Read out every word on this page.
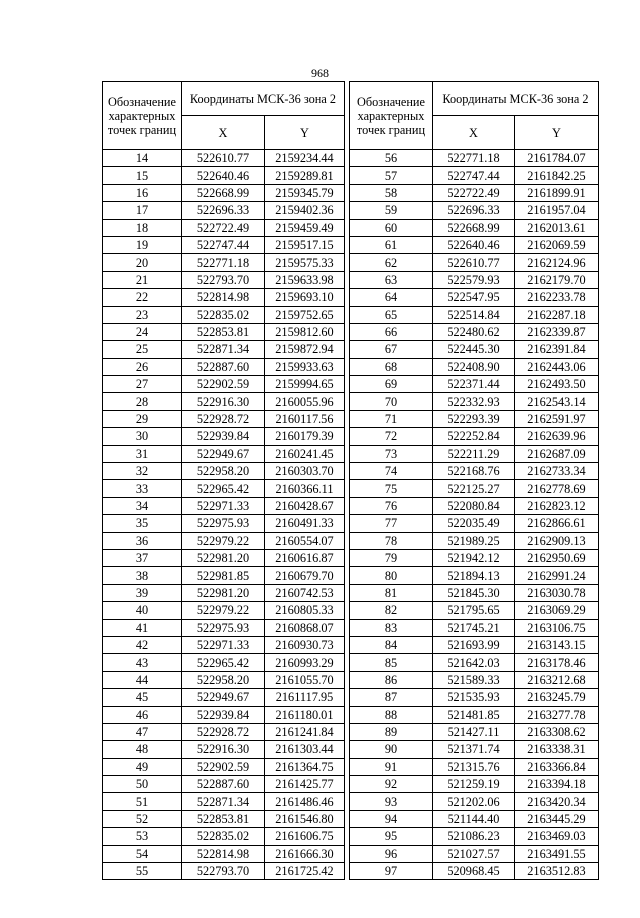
968
Обозначение характерных точек границ	Координаты МСК-36 зона 2	
	X	Y
14	522610.77	2159234.44
15	522640.46	2159289.81
16	522668.99	2159345.79
17	522696.33	2159402.36
18	522722.49	2159459.49
19	522747.44	2159517.15
20	522771.18	2159575.33
21	522793.70	2159633.98
22	522814.98	2159693.10
23	522835.02	2159752.65
24	522853.81	2159812.60
25	522871.34	2159872.94
26	522887.60	2159933.63
27	522902.59	2159994.65
28	522916.30	2160055.96
29	522928.72	2160117.56
30	522939.84	2160179.39
31	522949.67	2160241.45
32	522958.20	2160303.70
33	522965.42	2160366.11
34	522971.33	2160428.67
35	522975.93	2160491.33
36	522979.22	2160554.07
37	522981.20	2160616.87
38	522981.85	2160679.70
39	522981.20	2160742.53
40	522979.22	2160805.33
41	522975.93	2160868.07
42	522971.33	2160930.73
43	522965.42	2160993.29
44	522958.20	2161055.70
45	522949.67	2161117.95
46	522939.84	2161180.01
47	522928.72	2161241.84
48	522916.30	2161303.44
49	522902.59	2161364.75
50	522887.60	2161425.77
51	522871.34	2161486.46
52	522853.81	2161546.80
53	522835.02	2161606.75
54	522814.98	2161666.30
55	522793.70	2161725.42
Обозначение характерных точек границ	Координаты МСК-36 зона 2	
	X	Y
56	522771.18	2161784.07
57	522747.44	2161842.25
58	522722.49	2161899.91
59	522696.33	2161957.04
60	522668.99	2162013.61
61	522640.46	2162069.59
62	522610.77	2162124.96
63	522579.93	2162179.70
64	522547.95	2162233.78
65	522514.84	2162287.18
66	522480.62	2162339.87
67	522445.30	2162391.84
68	522408.90	2162443.06
69	522371.44	2162493.50
70	522332.93	2162543.14
71	522293.39	2162591.97
72	522252.84	2162639.96
73	522211.29	2162687.09
74	522168.76	2162733.34
75	522125.27	2162778.69
76	522080.84	2162823.12
77	522035.49	2162866.61
78	521989.25	2162909.13
79	521942.12	2162950.69
80	521894.13	2162991.24
81	521845.30	2163030.78
82	521795.65	2163069.29
83	521745.21	2163106.75
84	521693.99	2163143.15
85	521642.03	2163178.46
86	521589.33	2163212.68
87	521535.93	2163245.79
88	521481.85	2163277.78
89	521427.11	2163308.62
90	521371.74	2163338.31
91	521315.76	2163366.84
92	521259.19	2163394.18
93	521202.06	2163420.34
94	521144.40	2163445.29
95	521086.23	2163469.03
96	521027.57	2163491.55
97	520968.45	2163512.83
